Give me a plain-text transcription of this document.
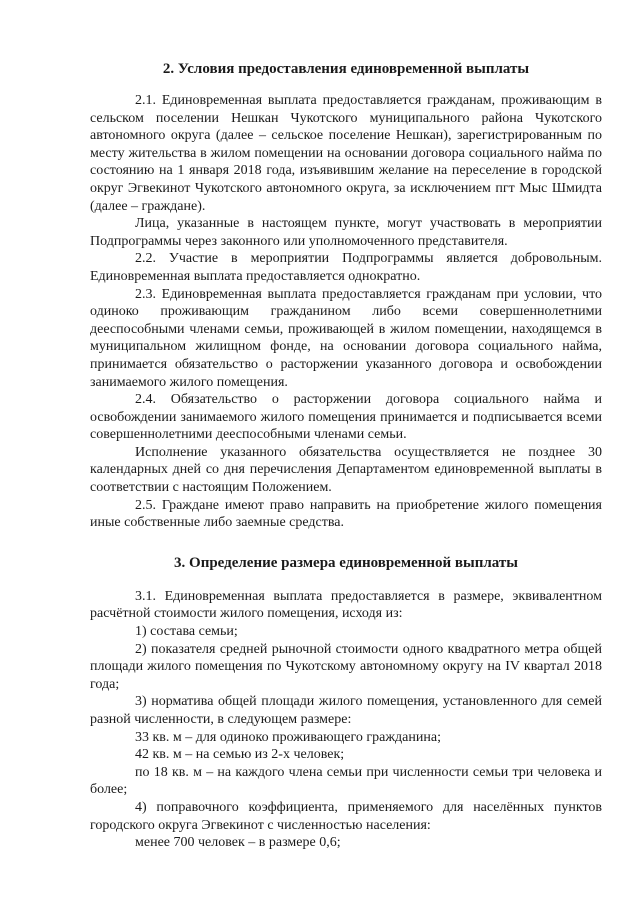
2. Условия предоставления единовременной выплаты

2.1. Единовременная выплата предоставляется гражданам, проживающим в сельском поселении Нешкан Чукотского муниципального района Чукотского автономного округа (далее – сельское поселение Нешкан), зарегистрированным по месту жительства в жилом помещении на основании договора социального найма по состоянию на 1 января 2018 года, изъявившим желание на переселение в городской округ Эгвекинот Чукотского автономного округа, за исключением пгт Мыс Шмидта (далее – граждане).

Лица, указанные в настоящем пункте, могут участвовать в мероприятии Подпрограммы через законного или уполномоченного представителя.

2.2. Участие в мероприятии Подпрограммы является добровольным. Единовременная выплата предоставляется однократно.

2.3. Единовременная выплата предоставляется гражданам при условии, что одиноко проживающим гражданином либо всеми совершеннолетними дееспособными членами семьи, проживающей в жилом помещении, находящемся в муниципальном жилищном фонде, на основании договора социального найма, принимается обязательство о расторжении указанного договора и освобождении занимаемого жилого помещения.

2.4. Обязательство о расторжении договора социального найма и освобождении занимаемого жилого помещения принимается и подписывается всеми совершеннолетними дееспособными членами семьи.

Исполнение указанного обязательства осуществляется не позднее 30 календарных дней со дня перечисления Департаментом единовременной выплаты в соответствии с настоящим Положением.

2.5. Граждане имеют право направить на приобретение жилого помещения иные собственные либо заемные средства.

3. Определение размера единовременной выплаты

3.1. Единовременная выплата предоставляется в размере, эквивалентном расчётной стоимости жилого помещения, исходя из:

1) состава семьи;

2) показателя средней рыночной стоимости одного квадратного метра общей площади жилого помещения по Чукотскому автономному округу на IV квартал 2018 года;

3) норматива общей площади жилого помещения, установленного для семей разной численности, в следующем размере:

33 кв. м – для одиноко проживающего гражданина;

42 кв. м – на семью из 2-х человек;

по 18 кв. м – на каждого члена семьи при численности семьи три человека и более;

4) поправочного коэффициента, применяемого для населённых пунктов городского округа Эгвекинот с численностью населения:

менее 700 человек – в размере 0,6;
